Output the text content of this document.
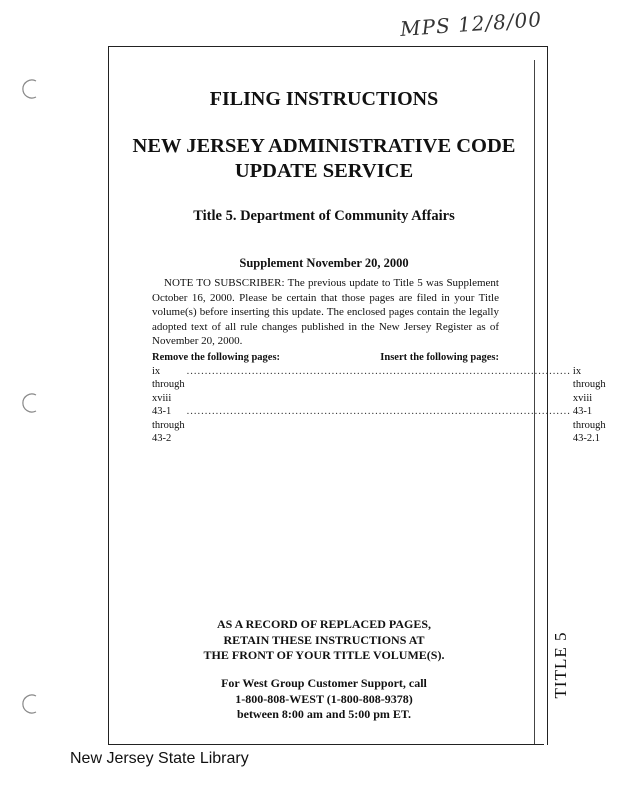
MPS 12/8/00
TITLE 5
FILING INSTRUCTIONS
NEW JERSEY ADMINISTRATIVE CODE
UPDATE SERVICE
Title 5. Department of Community Affairs
Supplement November 20, 2000
NOTE TO SUBSCRIBER: The previous update to Title 5 was Supplement October 16, 2000. Please be certain that those pages are filed in your Title volume(s) before inserting this update. The enclosed pages contain the legally adopted text of all rule changes published in the New Jersey Register as of November 20, 2000.
Remove the following pages:	Insert the following pages:
ix through xviii
.......................................................................................................... ix through xviii
43-1 through 43-2
.......................................................................................................... 43-1 through 43-2.1
AS A RECORD OF REPLACED PAGES,
RETAIN THESE INSTRUCTIONS AT
THE FRONT OF YOUR TITLE VOLUME(S).
For West Group Customer Support, call
1-800-808-WEST (1-800-808-9378)
between 8:00 am and 5:00 pm ET.
New Jersey State Library
